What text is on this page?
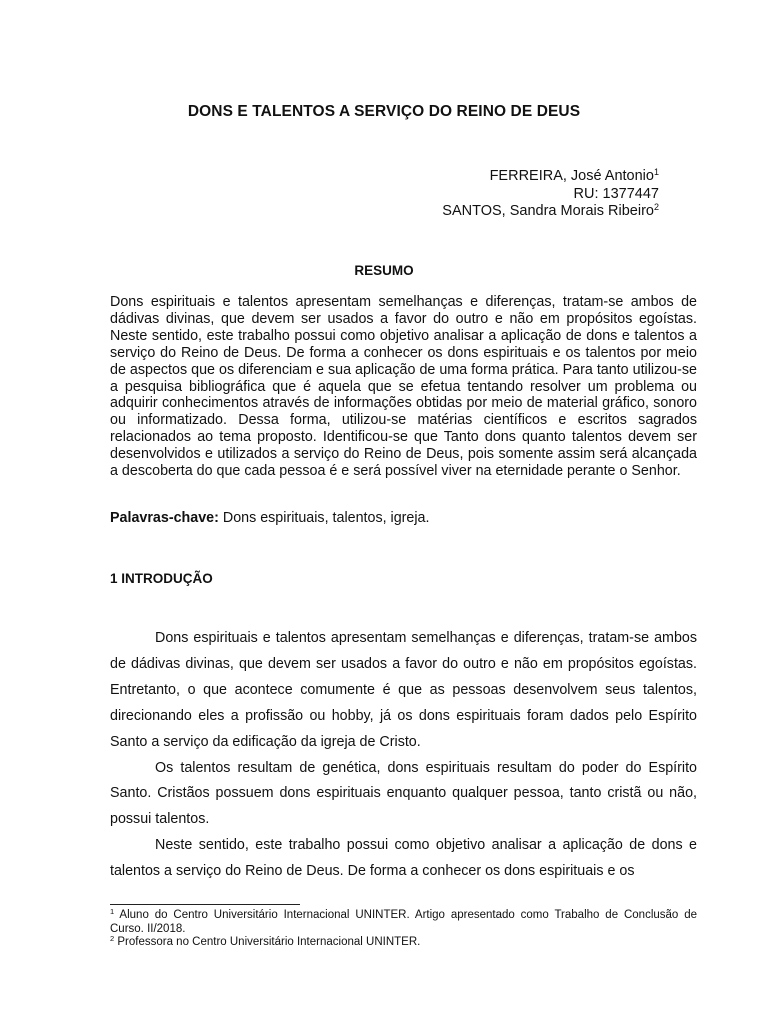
DONS E TALENTOS A SERVIÇO DO REINO DE DEUS
FERREIRA, José Antonio$^1$
RU: 1377447
SANTOS, Sandra Morais Ribeiro$^2$
RESUMO

Dons espirituais e talentos apresentam semelhanças e diferenças, tratam-se ambos de dádivas divinas, que devem ser usados a favor do outro e não em propósitos egoístas. Neste sentido, este trabalho possui como objetivo analisar a aplicação de dons e talentos a serviço do Reino de Deus. De forma a conhecer os dons espirituais e os talentos por meio de aspectos que os diferenciam e sua aplicação de uma forma prática. Para tanto utilizou-se a pesquisa bibliográfica que é aquela que se efetua tentando resolver um problema ou adquirir conhecimentos através de informações obtidas por meio de material gráfico, sonoro ou informatizado. Dessa forma, utilizou-se matérias científicos e escritos sagrados relacionados ao tema proposto. Identificou-se que Tanto dons quanto talentos devem ser desenvolvidos e utilizados a serviço do Reino de Deus, pois somente assim será alcançada a descoberta do que cada pessoa é e será possível viver na eternidade perante o Senhor.

Palavras-chave: Dons espirituais, talentos, igreja.

1 INTRODUÇÃO

Dons espirituais e talentos apresentam semelhanças e diferenças, tratam-se ambos de dádivas divinas, que devem ser usados a favor do outro e não em propósitos egoístas. Entretanto, o que acontece comumente é que as pessoas desenvolvem seus talentos, direcionando eles a profissão ou hobby, já os dons espirituais foram dados pelo Espírito Santo a serviço da edificação da igreja de Cristo.

Os talentos resultam de genética, dons espirituais resultam do poder do Espírito Santo. Cristãos possuem dons espirituais enquanto qualquer pessoa, tanto cristã ou não, possui talentos.

Neste sentido, este trabalho possui como objetivo analisar a aplicação de dons e talentos a serviço do Reino de Deus. De forma a conhecer os dons espirituais e os

$^1$ Aluno do Centro Universitário Internacional UNINTER. Artigo apresentado como Trabalho de Conclusão de Curso. II/2018.

$^2$ Professora no Centro Universitário Internacional UNINTER.
